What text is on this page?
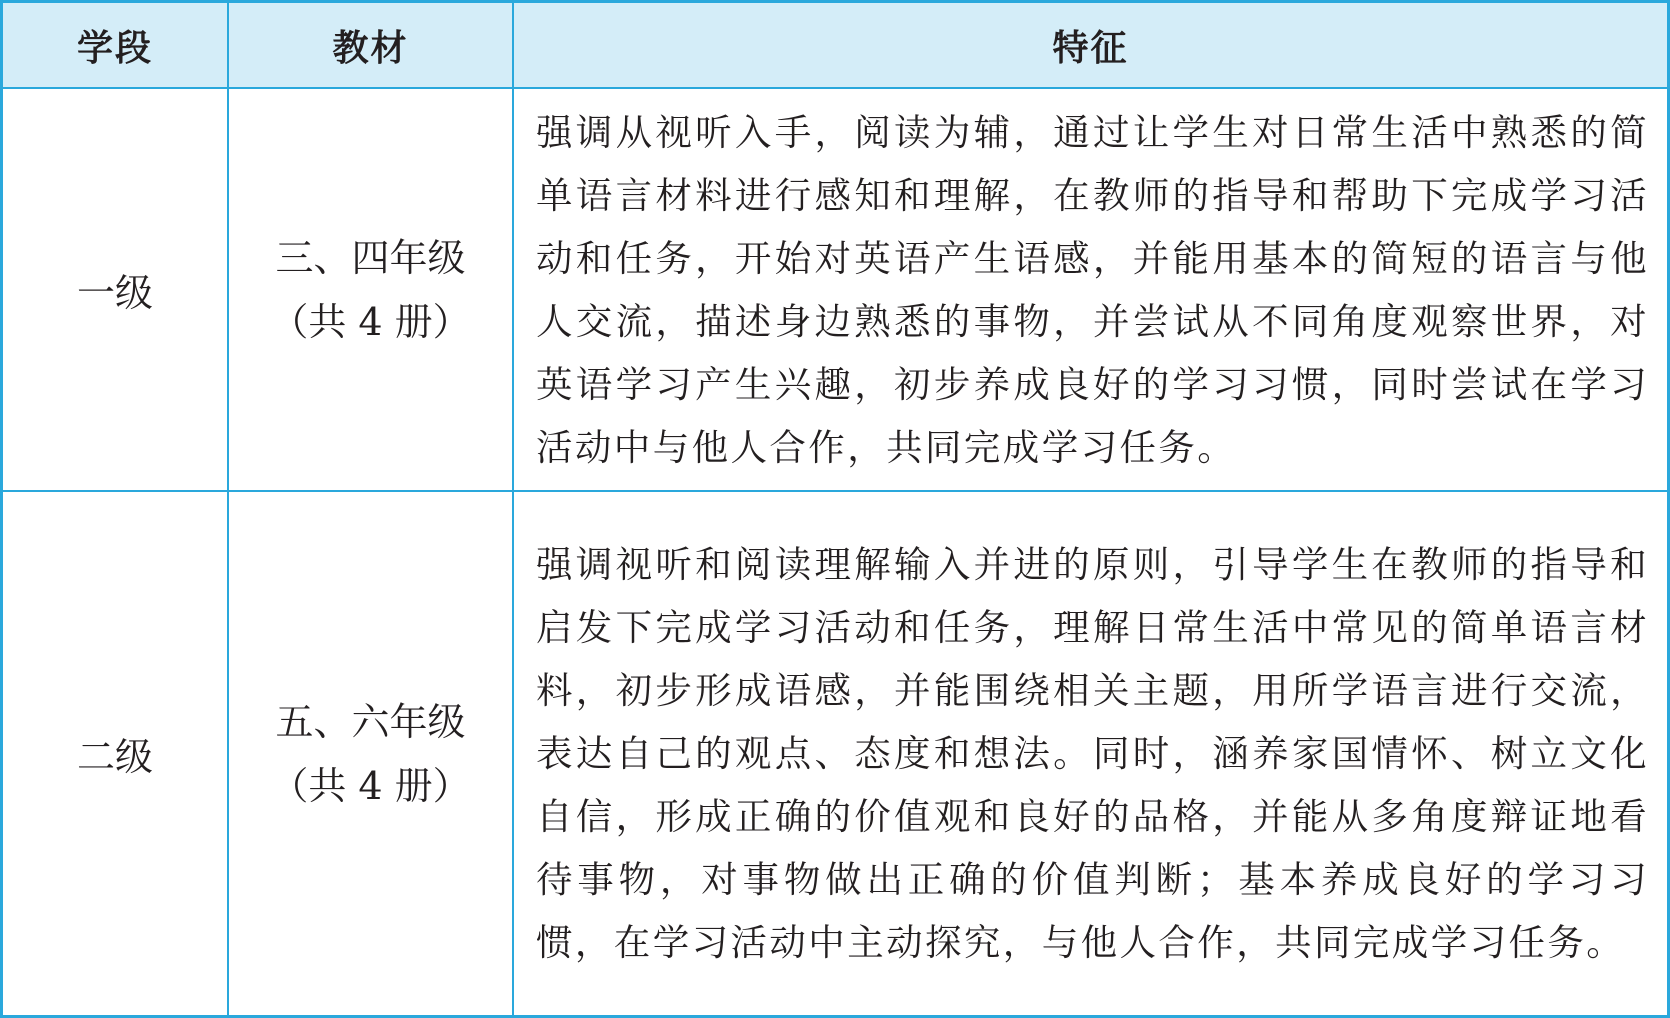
学段	教材	特征
一级
三、四年级
（共 4 册）

强调从视听入手，阅读为辅，通过让学生对日常生活中熟悉的简单语言材料进行感知和理解，在教师的指导和帮助下完成学习活动和任务，开始对英语产生语感，并能用基本的简短的语言与他人交流，描述身边熟悉的事物，并尝试从不同角度观察世界，对英语学习产生兴趣，初步养成良好的学习习惯，同时尝试在学习活动中与他人合作，共同完成学习任务。

二级
五、六年级
（共 4 册）

强调视听和阅读理解输入并进的原则，引导学生在教师的指导和启发下完成学习活动和任务，理解日常生活中常见的简单语言材料，初步形成语感，并能围绕相关主题，用所学语言进行交流，表达自己的观点、态度和想法。同时，涵养家国情怀、树立文化自信，形成正确的价值观和良好的品格，并能从多角度辩证地看待事物，对事物做出正确的价值判断；基本养成良好的学习习惯，在学习活动中主动探究，与他人合作，共同完成学习任务。
